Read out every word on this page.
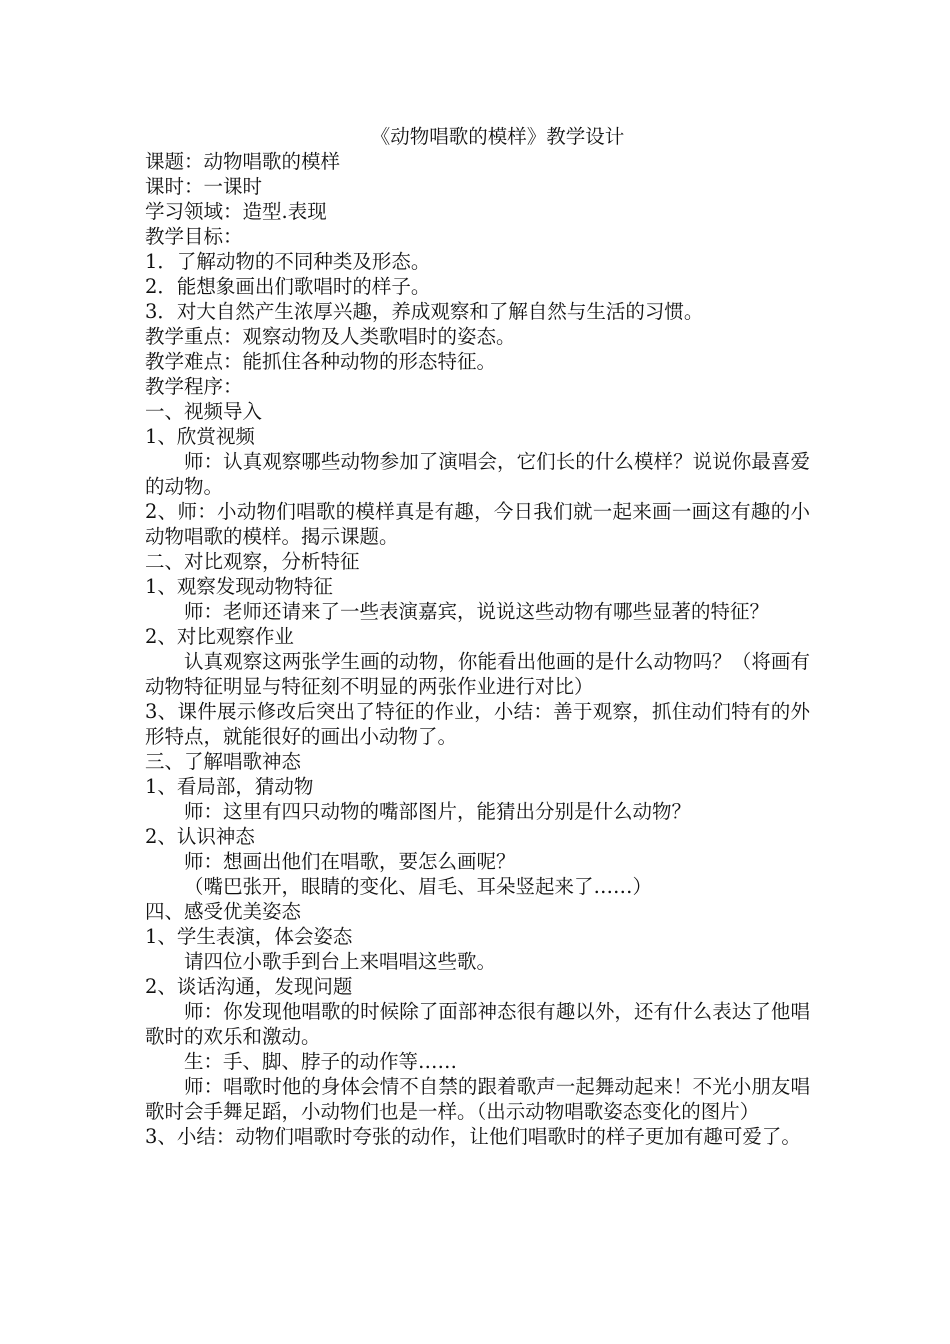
《动物唱歌的模样》教学设计

课题：动物唱歌的模样

课时：一课时

学习领域：造型.表现

教学目标：

1．了解动物的不同种类及形态。

2．能想象画出们歌唱时的样子。

3．对大自然产生浓厚兴趣，养成观察和了解自然与生活的习惯。

教学重点：观察动物及人类歌唱时的姿态。

教学难点：能抓住各种动物的形态特征。

教学程序：

一、视频导入

1、欣赏视频

师：认真观察哪些动物参加了演唱会，它们长的什么模样？说说你最喜爱的动物。

2、师：小动物们唱歌的模样真是有趣，今日我们就一起来画一画这有趣的小动物唱歌的模样。揭示课题。

二、对比观察，分析特征

1、观察发现动物特征

师：老师还请来了一些表演嘉宾，说说这些动物有哪些显著的特征？

2、对比观察作业

认真观察这两张学生画的动物，你能看出他画的是什么动物吗？（将画有动物特征明显与特征刻不明显的两张作业进行对比）

3、课件展示修改后突出了特征的作业，小结：善于观察，抓住动们特有的外形特点，就能很好的画出小动物了。

三、了解唱歌神态

1、看局部，猜动物

师：这里有四只动物的嘴部图片，能猜出分别是什么动物？

2、认识神态

师：想画出他们在唱歌，要怎么画呢？

（嘴巴张开，眼睛的变化、眉毛、耳朵竖起来了……）

四、感受优美姿态

1、学生表演，体会姿态

请四位小歌手到台上来唱唱这些歌。

2、谈话沟通，发现问题

师：你发现他唱歌的时候除了面部神态很有趣以外，还有什么表达了他唱歌时的欢乐和激动。

生：手、脚、脖子的动作等……

师：唱歌时他的身体会情不自禁的跟着歌声一起舞动起来！不光小朋友唱歌时会手舞足蹈，小动物们也是一样。（出示动物唱歌姿态变化的图片）

3、小结：动物们唱歌时夸张的动作，让他们唱歌时的样子更加有趣可爱了。
